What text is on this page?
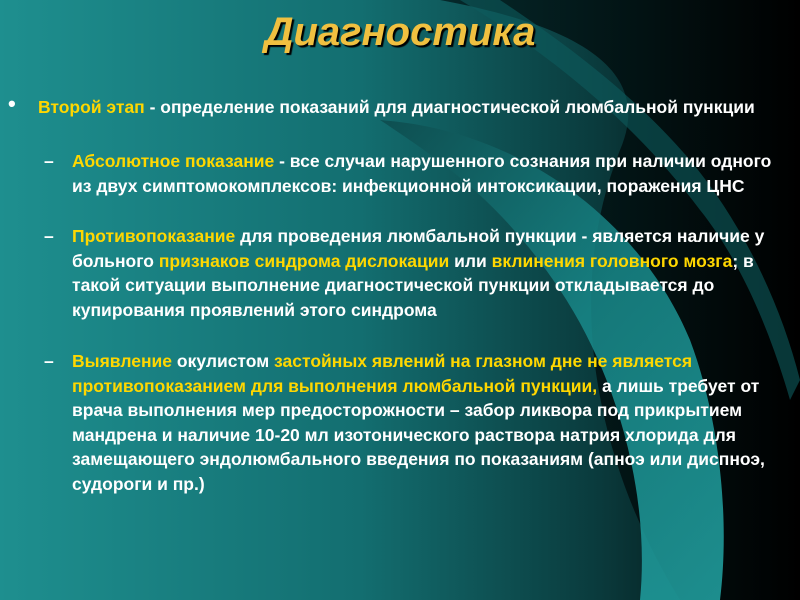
Диагностика
• Второй этап - определение показаний для диагностической люмбальной пункции
– Абсолютное показание - все случаи нарушенного сознания при наличии одного из двух симптомокомплексов: инфекционной интоксикации, поражения ЦНС
– Противопоказание для проведения люмбальной пункции - является наличие у больного признаков синдрома дислокации или вклинения головного мозга; в такой ситуации выполнение диагностической пункции откладывается до купирования проявлений этого синдрома
– Выявление окулистом застойных явлений на глазном дне не является противопоказанием для выполнения люмбальной пункции, а лишь требует от врача выполнения мер предосторожности – забор ликвора под прикрытием мандрена и наличие 10-20 мл изотонического раствора натрия хлорида для замещающего эндолюмбального введения по показаниям (апноэ или диспноэ, судороги и пр.)
